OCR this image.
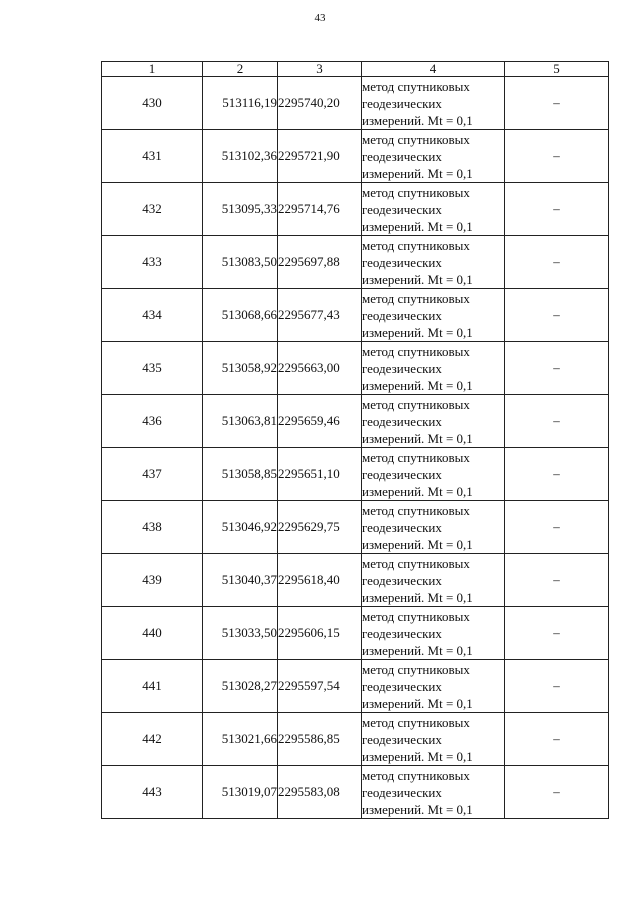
43
1	2	3	4	5
430	513116,19	2295740,20	метод спутниковых
геодезических
измерений. Mt = 0,1	–
431	513102,36	2295721,90	метод спутниковых
геодезических
измерений. Mt = 0,1	–
432	513095,33	2295714,76	метод спутниковых
геодезических
измерений. Mt = 0,1	–
433	513083,50	2295697,88	метод спутниковых
геодезических
измерений. Mt = 0,1	–
434	513068,66	2295677,43	метод спутниковых
геодезических
измерений. Mt = 0,1	–
435	513058,92	2295663,00	метод спутниковых
геодезических
измерений. Mt = 0,1	–
436	513063,81	2295659,46	метод спутниковых
геодезических
измерений. Mt = 0,1	–
437	513058,85	2295651,10	метод спутниковых
геодезических
измерений. Mt = 0,1	–
438	513046,92	2295629,75	метод спутниковых
геодезических
измерений. Mt = 0,1	–
439	513040,37	2295618,40	метод спутниковых
геодезических
измерений. Mt = 0,1	–
440	513033,50	2295606,15	метод спутниковых
геодезических
измерений. Mt = 0,1	–
441	513028,27	2295597,54	метод спутниковых
геодезических
измерений. Mt = 0,1	–
442	513021,66	2295586,85	метод спутниковых
геодезических
измерений. Mt = 0,1	–
443	513019,07	2295583,08	метод спутниковых
геодезических
измерений. Mt = 0,1	–
